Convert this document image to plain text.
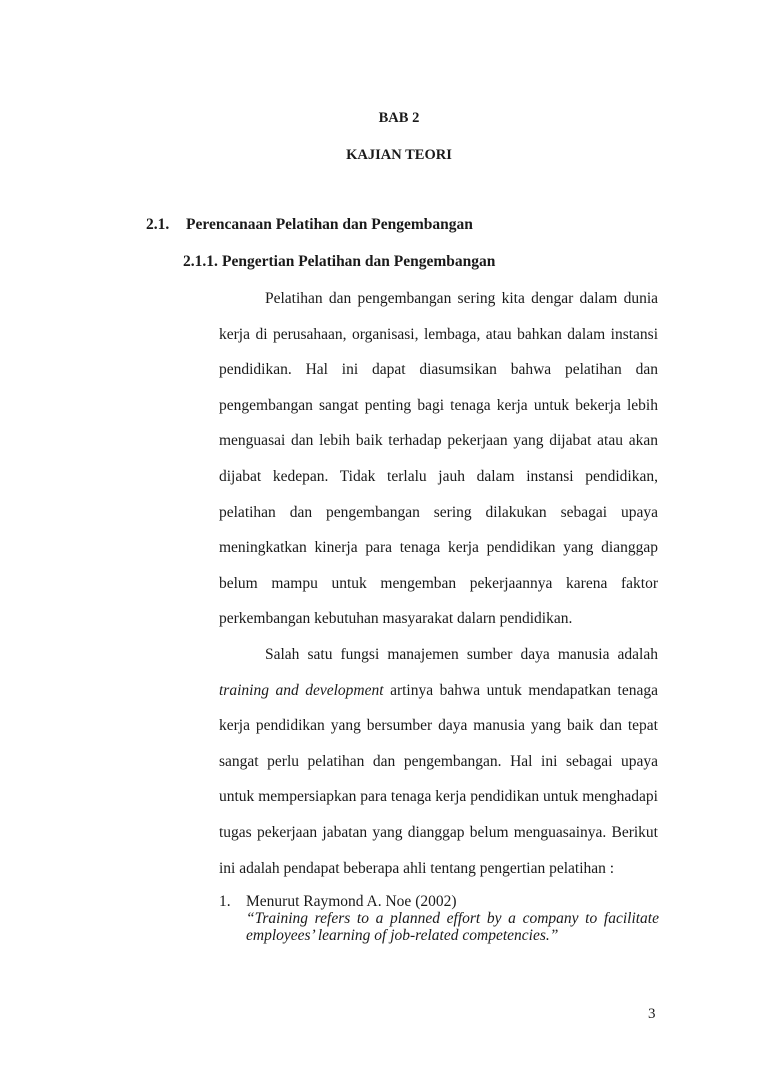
BAB 2
KAJIAN TEORI
2.1. Perencanaan Pelatihan dan Pengembangan
2.1.1. Pengertian Pelatihan dan Pengembangan
Pelatihan dan pengembangan sering kita dengar dalam dunia
kerja di perusahaan, organisasi, lembaga, atau bahkan dalam instansi
pendidikan. Hal ini dapat diasumsikan bahwa pelatihan dan
pengembangan sangat penting bagi tenaga kerja untuk bekerja lebih
menguasai dan lebih baik terhadap pekerjaan yang dijabat atau akan
dijabat kedepan. Tidak terlalu jauh dalam instansi pendidikan,
pelatihan dan pengembangan sering dilakukan sebagai upaya
meningkatkan kinerja para tenaga kerja pendidikan yang dianggap
belum mampu untuk mengemban pekerjaannya karena faktor
perkembangan kebutuhan masyarakat dalarn pendidikan.
Salah satu fungsi manajemen sumber daya manusia adalah
training and development artinya bahwa untuk mendapatkan tenaga
kerja pendidikan yang bersumber daya manusia yang baik dan tepat
sangat perlu pelatihan dan pengembangan. Hal ini sebagai upaya
untuk mempersiapkan para tenaga kerja pendidikan untuk menghadapi
tugas pekerjaan jabatan yang dianggap belum menguasainya. Berikut
ini adalah pendapat beberapa ahli tentang pengertian pelatihan :
1. Menurut Raymond A. Noe (2002)
“Training refers to a planned effort by a company to facilitate
employees’ learning of job-related competencies.”
3
